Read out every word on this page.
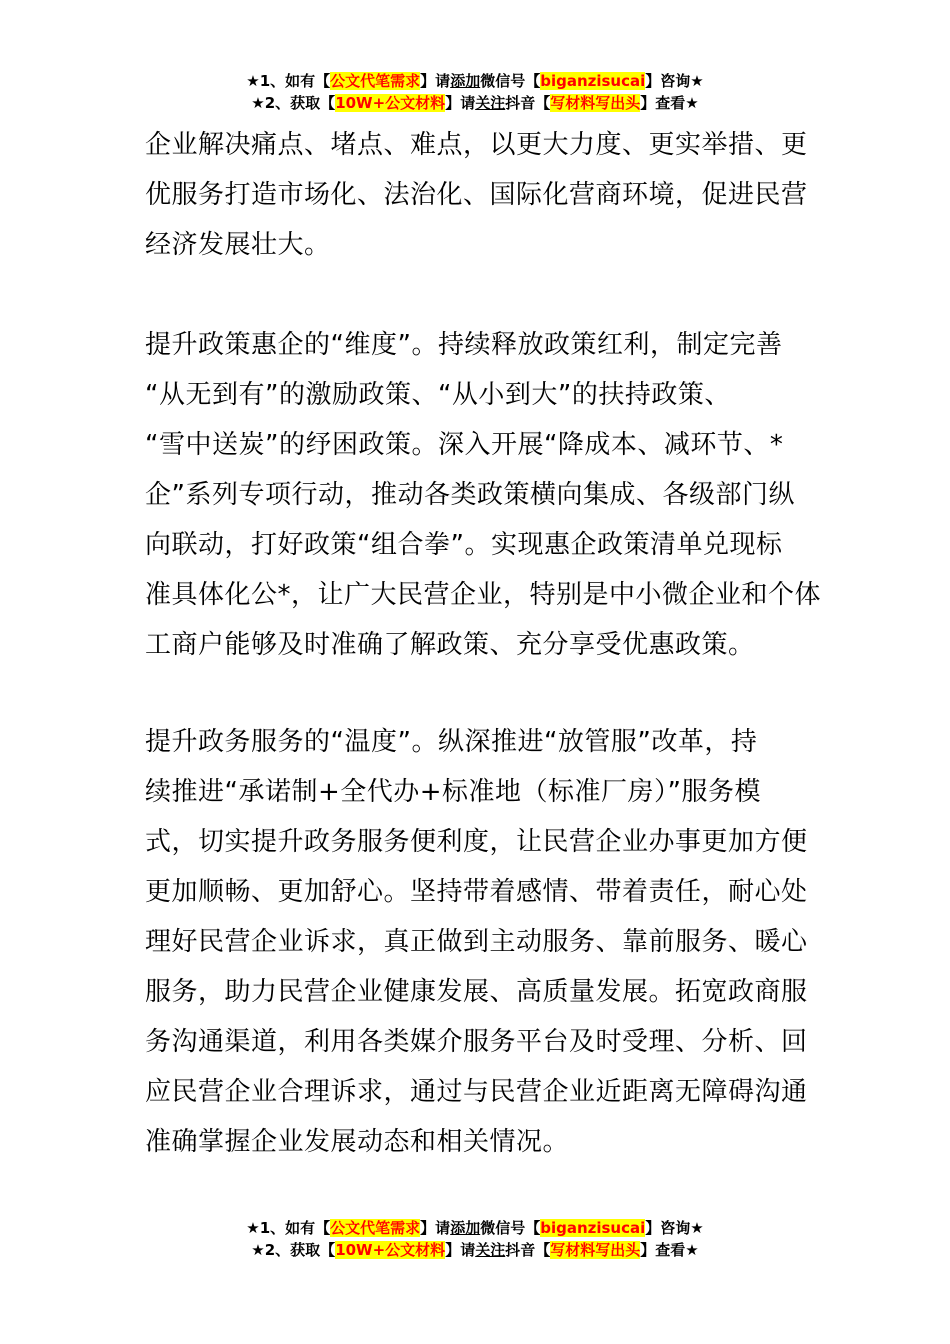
★1、如有【公文代笔需求】请添加微信号【biganzisucai】咨询★
★2、获取【10W+公文材料】请关注抖音【写材料写出头】查看★
企业解决痛点、堵点、难点，以更大力度、更实举措、更
优服务打造市场化、法治化、国际化营商环境，促进民营
经济发展壮大。
提升政策惠企的“维度”。持续释放政策红利，制定完善
“从无到有”的激励政策、“从小到大”的扶持政策、
“雪中送炭”的纾困政策。深入开展“降成本、减环节、*
企”系列专项行动，推动各类政策横向集成、各级部门纵
向联动，打好政策“组合拳”。实现惠企政策清单兑现标
准具体化公*，让广大民营企业，特别是中小微企业和个体
工商户能够及时准确了解政策、充分享受优惠政策。
提升政务服务的“温度”。纵深推进“放管服”改革，持
续推进“承诺制+全代办+标准地（标准厂房）”服务模
式，切实提升政务服务便利度，让民营企业办事更加方便
更加顺畅、更加舒心。坚持带着感情、带着责任，耐心处
理好民营企业诉求，真正做到主动服务、靠前服务、暖心
服务，助力民营企业健康发展、高质量发展。拓宽政商服
务沟通渠道，利用各类媒介服务平台及时受理、分析、回
应民营企业合理诉求，通过与民营企业近距离无障碍沟通
准确掌握企业发展动态和相关情况。
★1、如有【公文代笔需求】请添加微信号【biganzisucai】咨询★
★2、获取【10W+公文材料】请关注抖音【写材料写出头】查看★
